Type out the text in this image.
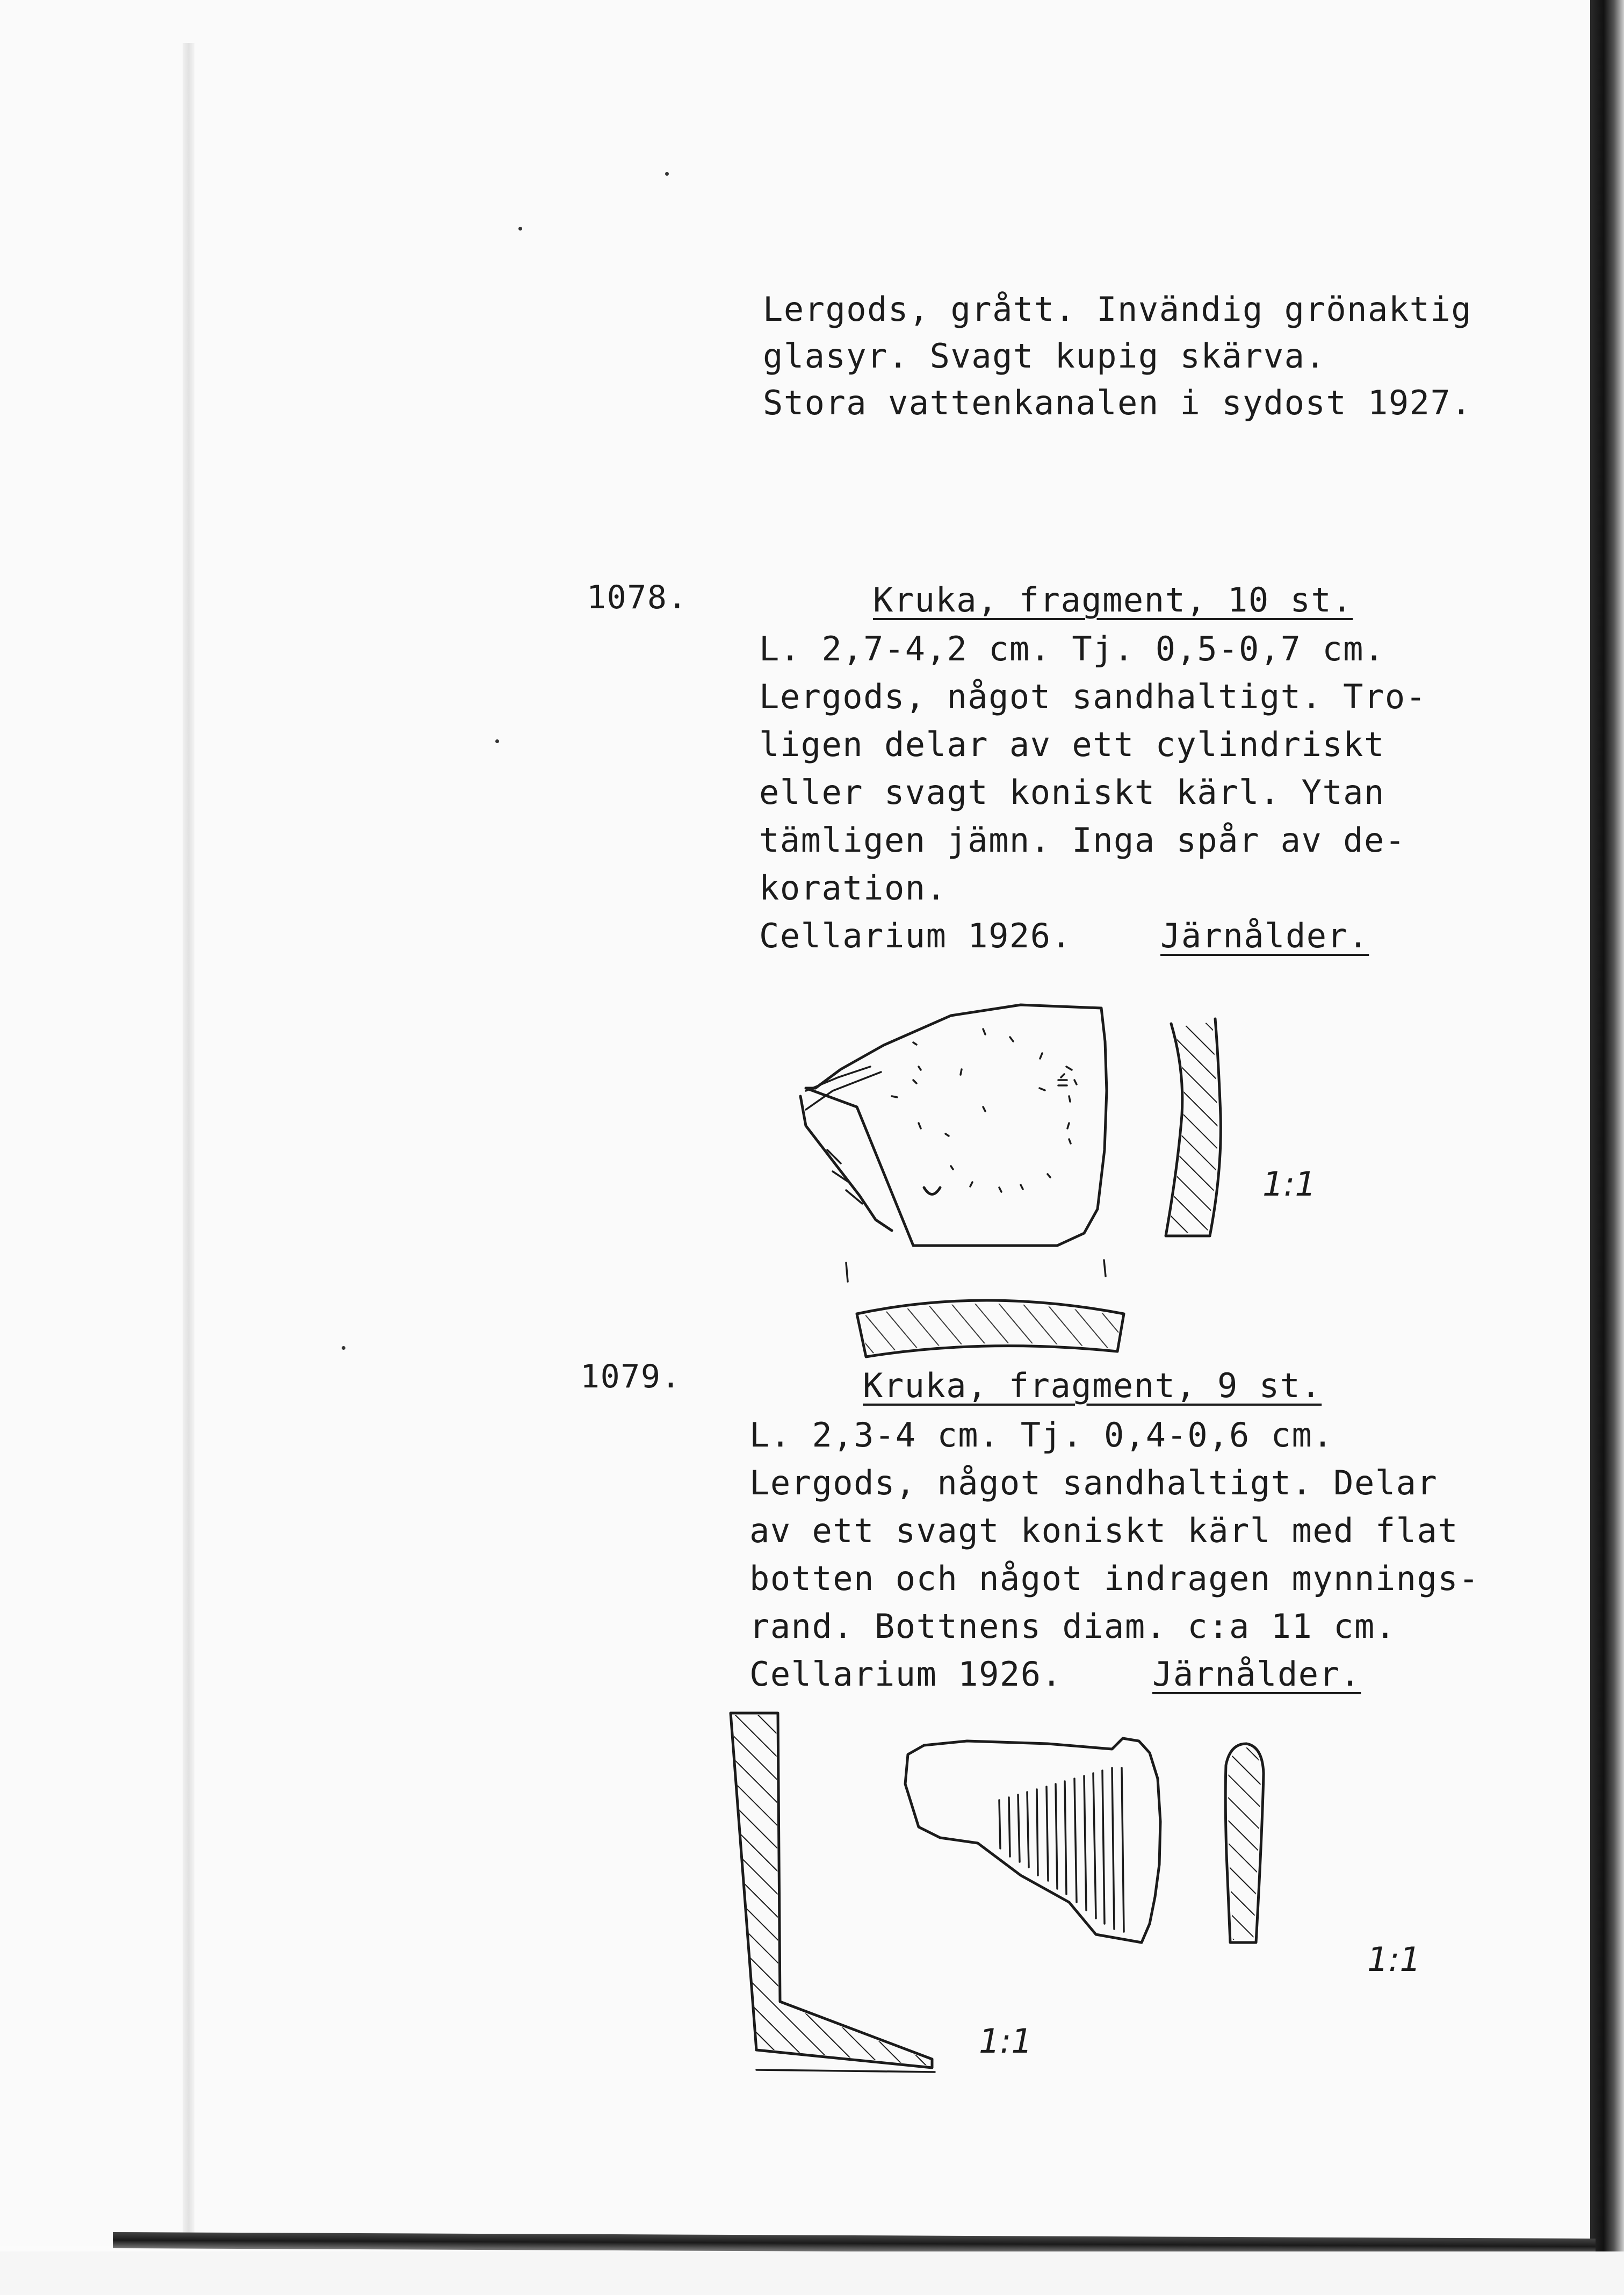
Lergods, grått. Invändig grönaktig
glasyr. Svagt kupig skärva.
Stora vattenkanalen i sydost 1927.
1078.	Kruka, fragment, 10 st.
L. 2,7-4,2 cm. Tj. 0,5-0,7 cm.
Lergods, något sandhaltigt. Tro-
ligen delar av ett cylindriskt
eller svagt koniskt kärl. Ytan
tämligen jämn. Inga spår av de-
koration.
Cellarium 1926.	Järnålder.
1079.	Kruka, fragment, 9 st.
L. 2,3-4 cm. Tj. 0,4-0,6 cm.
Lergods, något sandhaltigt. Delar
av ett svagt koniskt kärl med flat
botten och något indragen mynnings-
rand. Bottnens diam. c:a 11 cm.
Cellarium 1926.	Järnålder.
1:1
1:1
1:1
